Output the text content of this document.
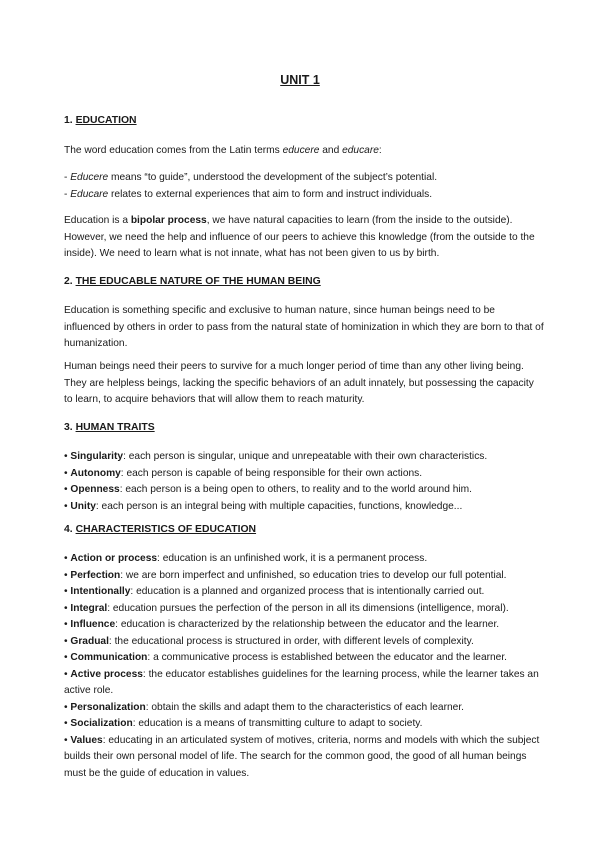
UNIT 1
1. EDUCATION

The word education comes from the Latin terms educere and educare:

- Educere means “to guide”, understood the development of the subject’s potential.

- Educare relates to external experiences that aim to form and instruct individuals.

Education is a bipolar process, we have natural capacities to learn (from the inside to the outside). However, we need the help and influence of our peers to achieve this knowledge (from the outside to the inside). We need to learn what is not innate, what has not been given to us by birth.

2. THE EDUCABLE NATURE OF THE HUMAN BEING

Education is something specific and exclusive to human nature, since human beings need to be influenced by others in order to pass from the natural state of hominization in which they are born to that of humanization.

Human beings need their peers to survive for a much longer period of time than any other living being. They are helpless beings, lacking the specific behaviors of an adult innately, but possessing the capacity to learn, to acquire behaviors that will allow them to reach maturity.

3. HUMAN TRAITS

• Singularity: each person is singular, unique and unrepeatable with their own characteristics.

• Autonomy: each person is capable of being responsible for their own actions.

• Openness: each person is a being open to others, to reality and to the world around him.

• Unity: each person is an integral being with multiple capacities, functions, knowledge...

4. CHARACTERISTICS OF EDUCATION

• Action or process: education is an unfinished work, it is a permanent process.

• Perfection: we are born imperfect and unfinished, so education tries to develop our full potential.

• Intentionally: education is a planned and organized process that is intentionally carried out.

• Integral: education pursues the perfection of the person in all its dimensions (intelligence, moral).

• Influence: education is characterized by the relationship between the educator and the learner.

• Gradual: the educational process is structured in order, with different levels of complexity.

• Communication: a communicative process is established between the educator and the learner.

• Active process: the educator establishes guidelines for the learning process, while the learner takes an active role.

• Personalization: obtain the skills and adapt them to the characteristics of each learner.

• Socialization: education is a means of transmitting culture to adapt to society.

• Values: educating in an articulated system of motives, criteria, norms and models with which the subject builds their own personal model of life. The search for the common good, the good of all human beings must be the guide of education in values.
